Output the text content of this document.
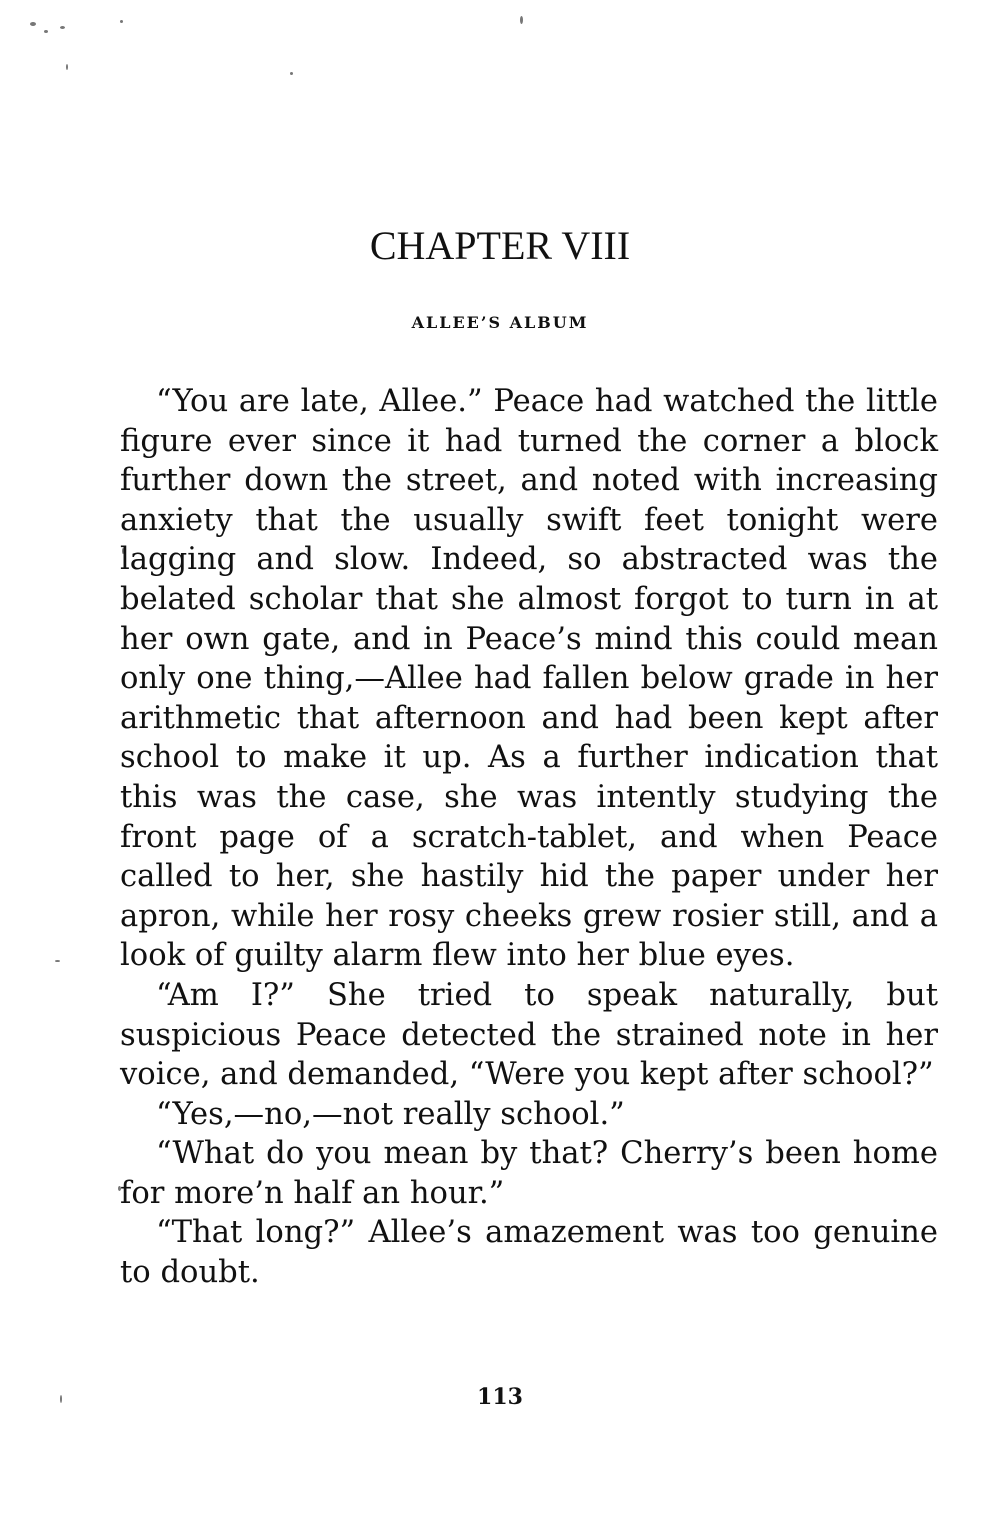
CHAPTER VIII
ALLEE’S ALBUM

“You are late, Allee.” Peace had watched the little figure ever since it had turned the corner a block further down the street, and noted with increasing anxiety that the usually swift feet tonight were lagging and slow. Indeed, so abstracted was the belated scholar that she almost forgot to turn in at her own gate, and in Peace’s mind this could mean only one thing,—Allee had fallen below grade in her arithmetic that afternoon and had been kept after school to make it up. As a further indication that this was the case, she was intently studying the front page of a scratch-tablet, and when Peace called to her, she hastily hid the paper under her apron, while her rosy cheeks grew rosier still, and a look of guilty alarm flew into her blue eyes.

“Am I?” She tried to speak naturally, but suspicious Peace detected the strained note in her voice, and demanded, “Were you kept after school?”

“Yes,—no,—not really school.”

“What do you mean by that? Cherry’s been home for more’n half an hour.”

“That long?” Allee’s amazement was too genuine to doubt.

113
